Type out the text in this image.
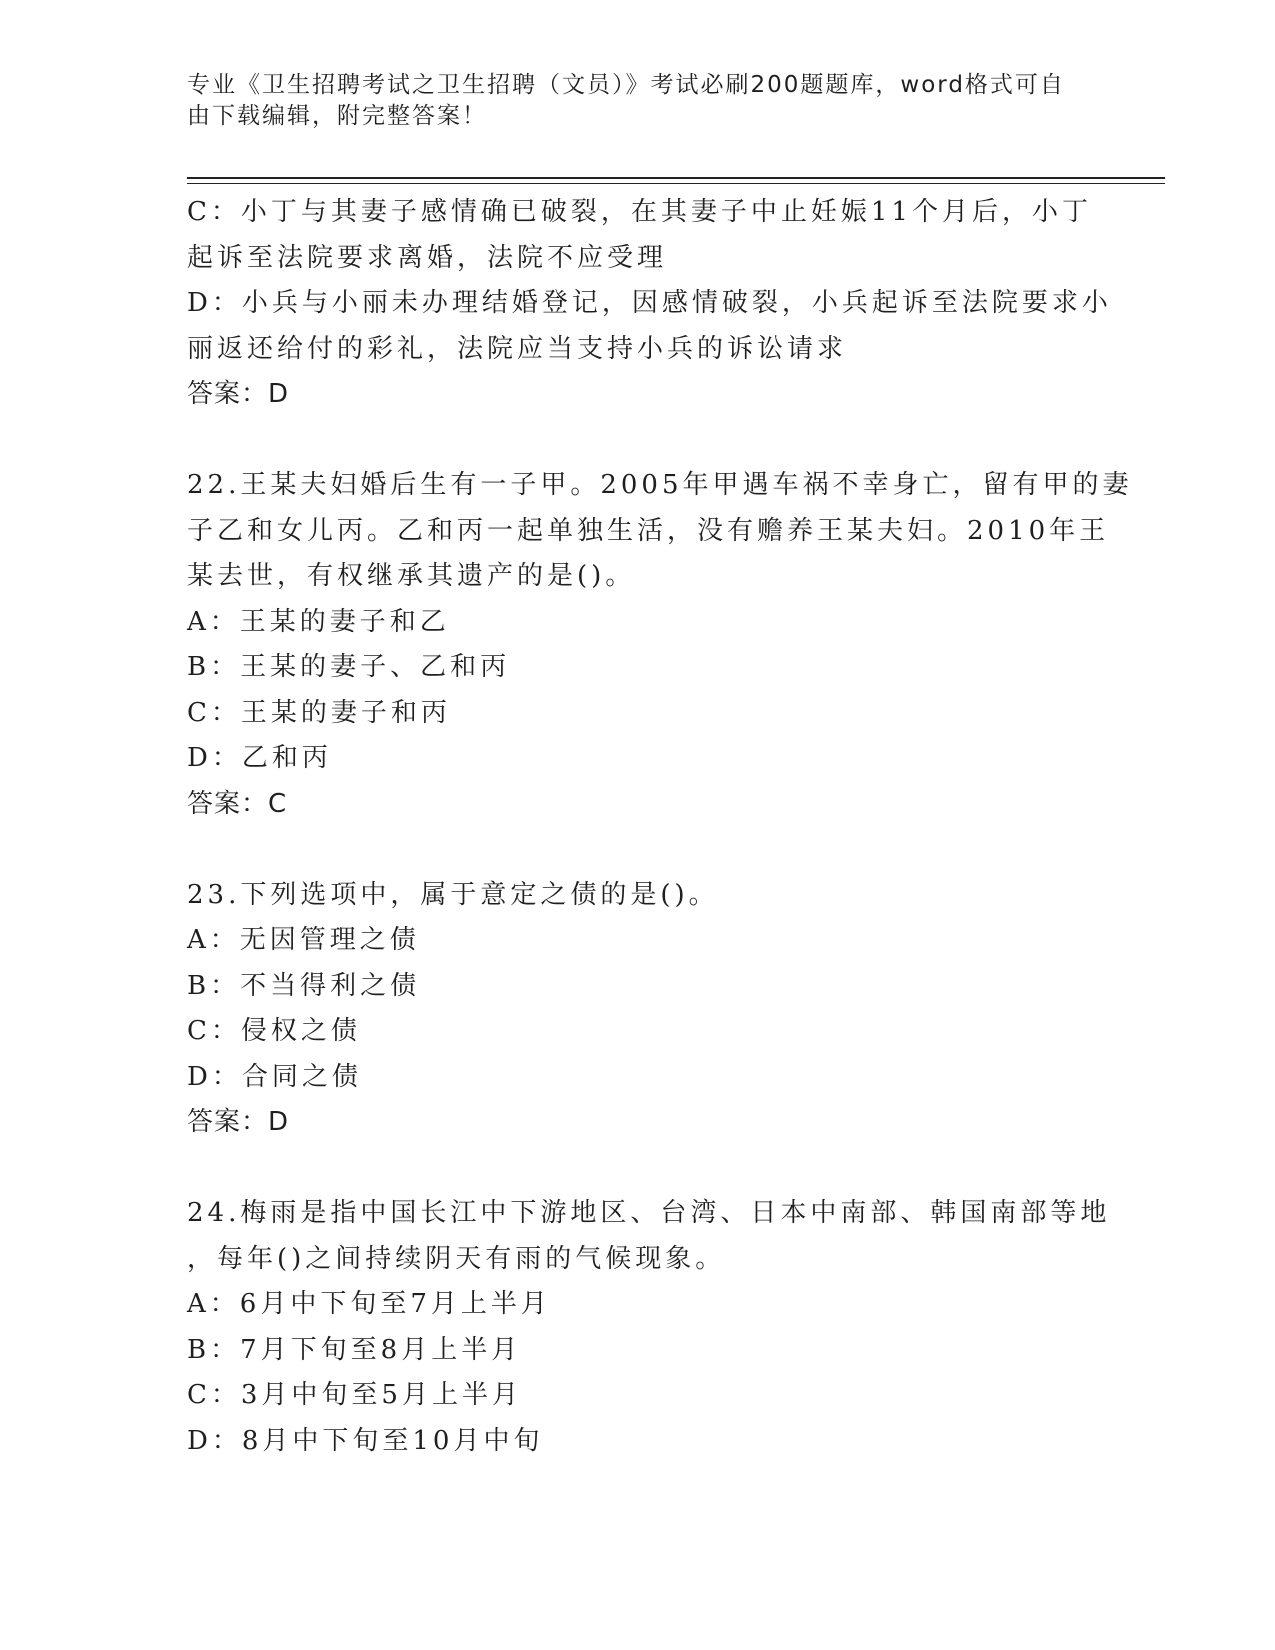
专业《卫生招聘考试之卫生招聘（文员）》考试必刷200题题库，word格式可自
由下载编辑，附完整答案！
C：小丁与其妻子感情确已破裂，在其妻子中止妊娠11个月后，小丁
起诉至法院要求离婚，法院不应受理
D：小兵与小丽未办理结婚登记，因感情破裂，小兵起诉至法院要求小
丽返还给付的彩礼，法院应当支持小兵的诉讼请求
答案：D
22.王某夫妇婚后生有一子甲。2005年甲遇车祸不幸身亡，留有甲的妻
子乙和女儿丙。乙和丙一起单独生活，没有赡养王某夫妇。2010年王
某去世，有权继承其遗产的是()。
A：王某的妻子和乙
B：王某的妻子、乙和丙
C：王某的妻子和丙
D：乙和丙
答案：C
23.下列选项中，属于意定之债的是()。
A：无因管理之债
B：不当得利之债
C：侵权之债
D：合同之债
答案：D
24.梅雨是指中国长江中下游地区、台湾、日本中南部、韩国南部等地
，每年()之间持续阴天有雨的气候现象。
A：6月中下旬至7月上半月
B：7月下旬至8月上半月
C：3月中旬至5月上半月
D：8月中下旬至10月中旬
